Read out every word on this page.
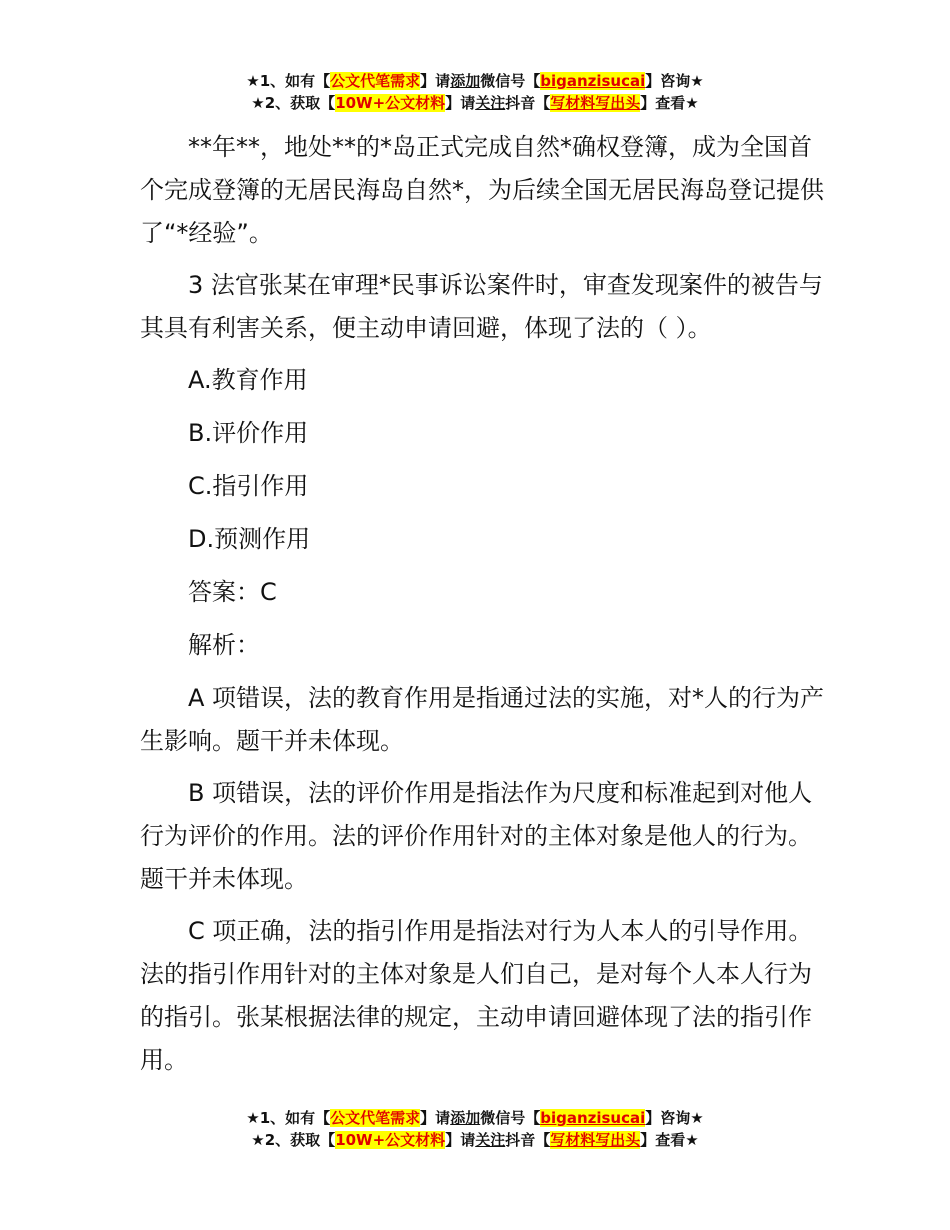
★1、如有【公文代笔需求】请添加微信号【biganzisucai】咨询★
★2、获取【10W+公文材料】请关注抖音【写材料写出头】查看★

**年**，地处**的*岛正式完成自然*确权登簿，成为全国首个完成登簿的无居民海岛自然*，为后续全国无居民海岛登记提供了“*经验”。

3 法官张某在审理*民事诉讼案件时，审查发现案件的被告与其具有利害关系，便主动申请回避，体现了法的（ ）。

A.教育作用

B.评价作用

C.指引作用

D.预测作用

答案：C

解析：

A 项错误，法的教育作用是指通过法的实施，对*人的行为产生影响。题干并未体现。

B 项错误，法的评价作用是指法作为尺度和标准起到对他人行为评价的作用。法的评价作用针对的主体对象是他人的行为。题干并未体现。

C 项正确，法的指引作用是指法对行为人本人的引导作用。法的指引作用针对的主体对象是人们自己，是对每个人本人行为的指引。张某根据法律的规定，主动申请回避体现了法的指引作用。

★1、如有【公文代笔需求】请添加微信号【biganzisucai】咨询★
★2、获取【10W+公文材料】请关注抖音【写材料写出头】查看★
